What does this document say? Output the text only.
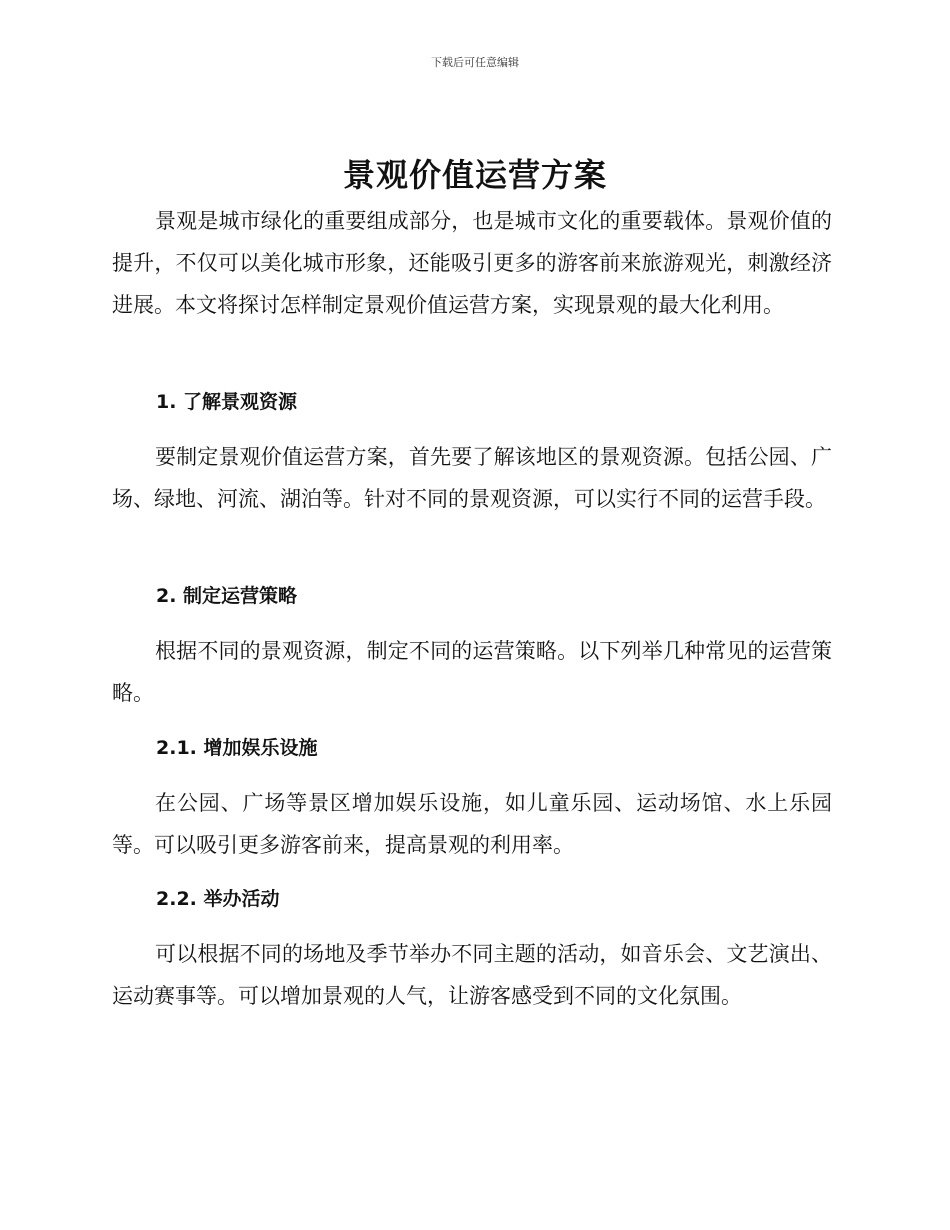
下载后可任意编辑
景观价值运营方案

景观是城市绿化的重要组成部分，也是城市文化的重要载体。景观价值的提升，不仅可以美化城市形象，还能吸引更多的游客前来旅游观光，刺激经济进展。本文将探讨怎样制定景观价值运营方案，实现景观的最大化利用。

1. 了解景观资源

要制定景观价值运营方案，首先要了解该地区的景观资源。包括公园、广场、绿地、河流、湖泊等。针对不同的景观资源，可以实行不同的运营手段。

2. 制定运营策略

根据不同的景观资源，制定不同的运营策略。以下列举几种常见的运营策略。

2.1. 增加娱乐设施

在公园、广场等景区增加娱乐设施，如儿童乐园、运动场馆、水上乐园等。可以吸引更多游客前来，提高景观的利用率。

2.2. 举办活动

可以根据不同的场地及季节举办不同主题的活动，如音乐会、文艺演出、运动赛事等。可以增加景观的人气，让游客感受到不同的文化氛围。
